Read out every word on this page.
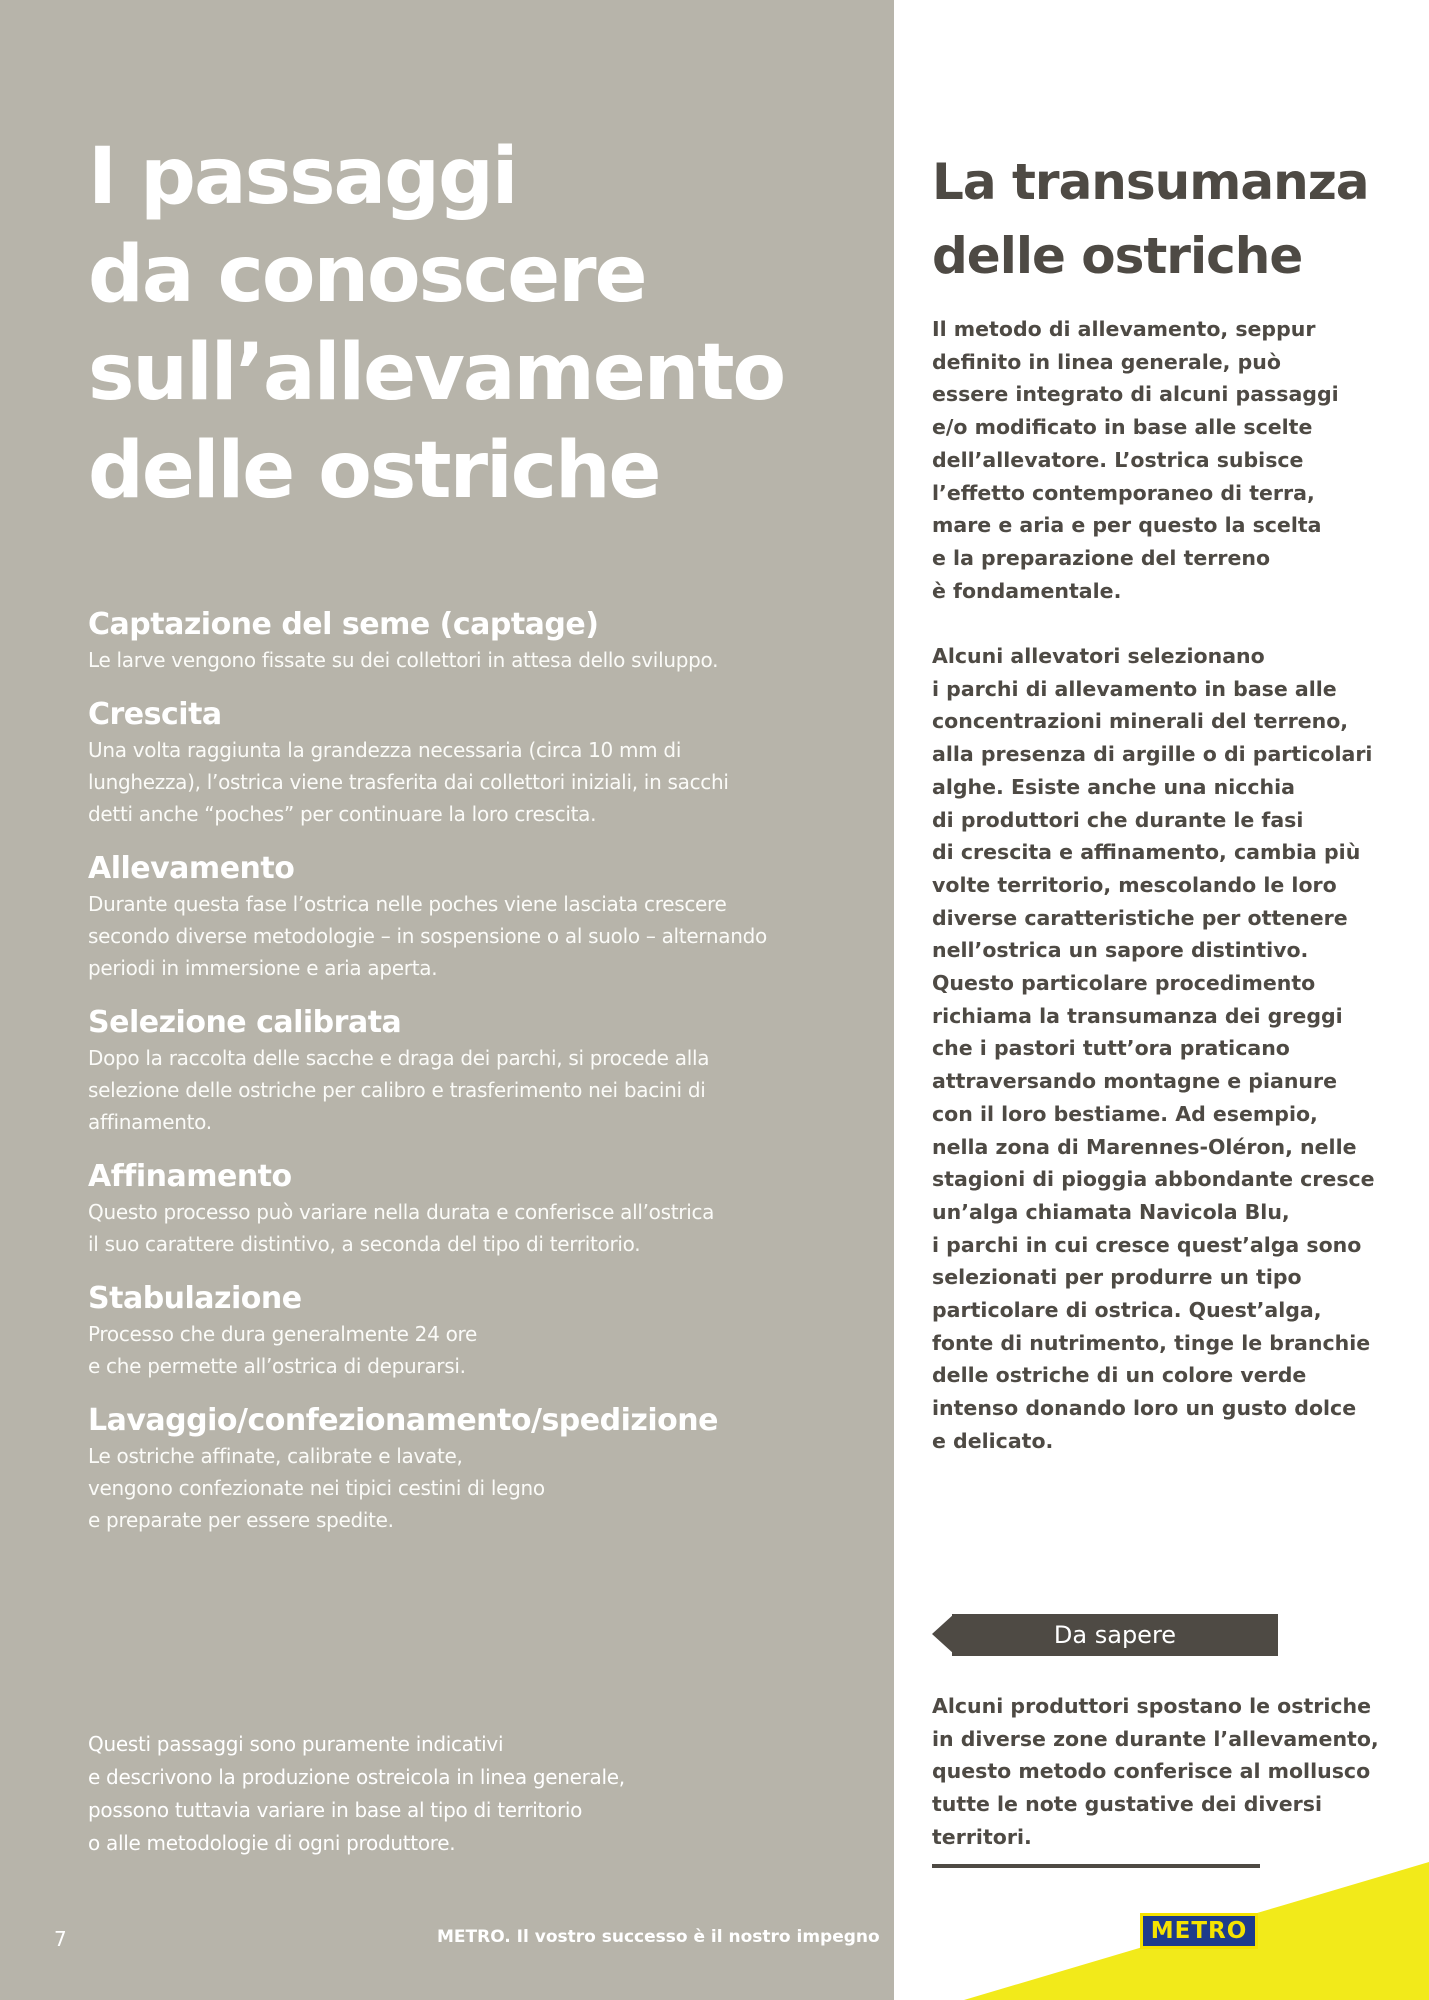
I passaggi
da conoscere
sull’allevamento
delle ostriche
Captazione del seme (captage)

Le larve vengono fissate su dei collettori in attesa dello sviluppo.

Crescita

Una volta raggiunta la grandezza necessaria (circa 10 mm di
lunghezza), l’ostrica viene trasferita dai collettori iniziali, in sacchi
detti anche “poches” per continuare la loro crescita.

Allevamento

Durante questa fase l’ostrica nelle poches viene lasciata crescere
secondo diverse metodologie – in sospensione o al suolo – alternando
periodi in immersione e aria aperta.

Selezione calibrata

Dopo la raccolta delle sacche e draga dei parchi, si procede alla
selezione delle ostriche per calibro e trasferimento nei bacini di
affinamento.

Affinamento

Questo processo può variare nella durata e conferisce all’ostrica
il suo carattere distintivo, a seconda del tipo di territorio.

Stabulazione

Processo che dura generalmente 24 ore
e che permette all’ostrica di depurarsi.

Lavaggio/confezionamento/spedizione

Le ostriche affinate, calibrate e lavate,
vengono confezionate nei tipici cestini di legno
e preparate per essere spedite.

Questi passaggi sono puramente indicativi
e descrivono la produzione ostreicola in linea generale,
possono tuttavia variare in base al tipo di territorio
o alle metodologie di ogni produttore.
7	METRO. Il vostro successo è il nostro impegno
La transumanza
delle ostriche

Il metodo di allevamento, seppur
definito in linea generale, può
essere integrato di alcuni passaggi
e/o modificato in base alle scelte
dell’allevatore. L’ostrica subisce
l’effetto contemporaneo di terra,
mare e aria e per questo la scelta
e la preparazione del terreno
è fondamentale.

Alcuni allevatori selezionano
i parchi di allevamento in base alle
concentrazioni minerali del terreno,
alla presenza di argille o di particolari
alghe. Esiste anche una nicchia
di produttori che durante le fasi
di crescita e affinamento, cambia più
volte territorio, mescolando le loro
diverse caratteristiche per ottenere
nell’ostrica un sapore distintivo.
Questo particolare procedimento
richiama la transumanza dei greggi
che i pastori tutt’ora praticano
attraversando montagne e pianure
con il loro bestiame. Ad esempio,
nella zona di Marennes-Oléron, nelle
stagioni di pioggia abbondante cresce
un’alga chiamata Navicola Blu,
i parchi in cui cresce quest’alga sono
selezionati per produrre un tipo
particolare di ostrica. Quest’alga,
fonte di nutrimento, tinge le branchie
delle ostriche di un colore verde
intenso donando loro un gusto dolce
e delicato.

Da sapere
Alcuni produttori spostano le ostriche
in diverse zone durante l’allevamento,
questo metodo conferisce al mollusco
tutte le note gustative dei diversi
territori.
METRO
